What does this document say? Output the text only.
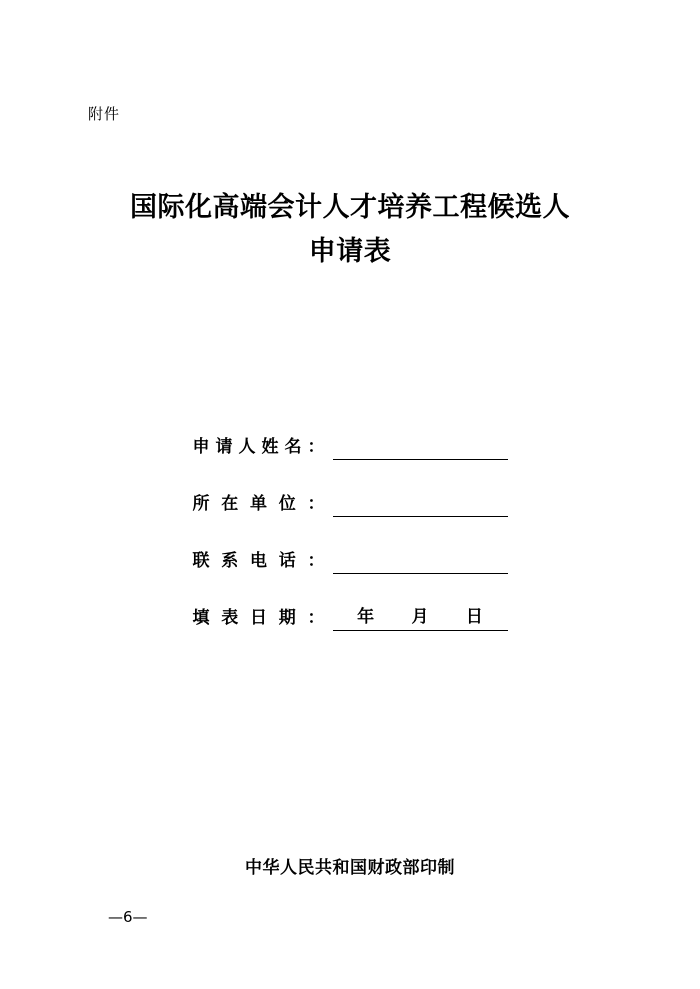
附件
国际化高端会计人才培养工程候选人
申请表
申请人姓名：
所在单位：
联系电话：
填表日期： 年 月 日
中华人民共和国财政部印制
—6—
